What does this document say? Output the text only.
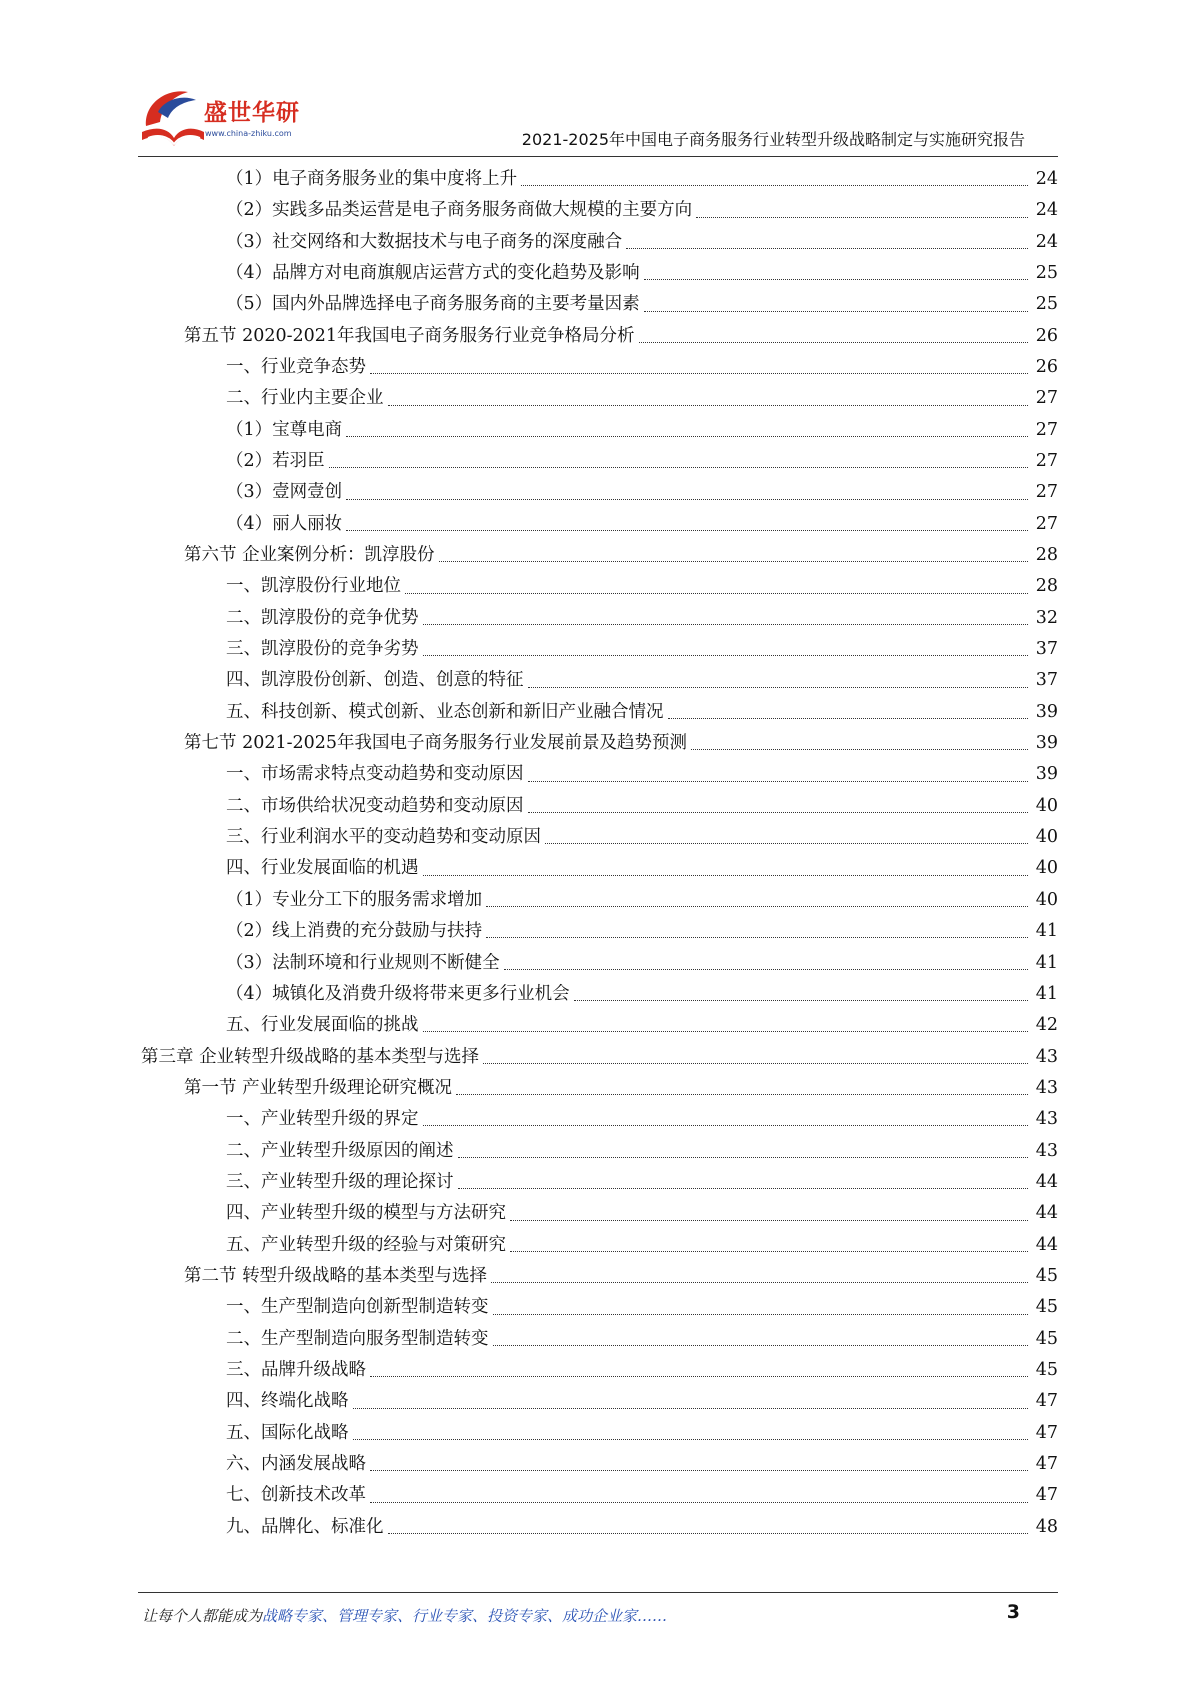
盛世华研
www.china-zhiku.com	2021-2025年中国电子商务服务行业转型升级战略制定与实施研究报告
（1）电子商务服务业的集中度将上升	24
（2）实践多品类运营是电子商务服务商做大规模的主要方向	24
（3）社交网络和大数据技术与电子商务的深度融合	24
（4）品牌方对电商旗舰店运营方式的变化趋势及影响	25
（5）国内外品牌选择电子商务服务商的主要考量因素	25
第五节 2020-2021年我国电子商务服务行业竞争格局分析	26
一、行业竞争态势	26
二、行业内主要企业	27
（1）宝尊电商	27
（2）若羽臣	27
（3）壹网壹创	27
（4）丽人丽妆	27
第六节 企业案例分析：凯淳股份	28
一、凯淳股份行业地位	28
二、凯淳股份的竞争优势	32
三、凯淳股份的竞争劣势	37
四、凯淳股份创新、创造、创意的特征	37
五、科技创新、模式创新、业态创新和新旧产业融合情况	39
第七节 2021-2025年我国电子商务服务行业发展前景及趋势预测	39
一、市场需求特点变动趋势和变动原因	39
二、市场供给状况变动趋势和变动原因	40
三、行业利润水平的变动趋势和变动原因	40
四、行业发展面临的机遇	40
（1）专业分工下的服务需求增加	40
（2）线上消费的充分鼓励与扶持	41
（3）法制环境和行业规则不断健全	41
（4）城镇化及消费升级将带来更多行业机会	41
五、行业发展面临的挑战	42
第三章 企业转型升级战略的基本类型与选择	43
第一节 产业转型升级理论研究概况	43
一、产业转型升级的界定	43
二、产业转型升级原因的阐述	43
三、产业转型升级的理论探讨	44
四、产业转型升级的模型与方法研究	44
五、产业转型升级的经验与对策研究	44
第二节 转型升级战略的基本类型与选择	45
一、生产型制造向创新型制造转变	45
二、生产型制造向服务型制造转变	45
三、品牌升级战略	45
四、终端化战略	47
五、国际化战略	47
六、内涵发展战略	47
七、创新技术改革	47
九、品牌化、标准化	48
让每个人都能成为战略专家、管理专家、行业专家、投资专家、成功企业家……	3
